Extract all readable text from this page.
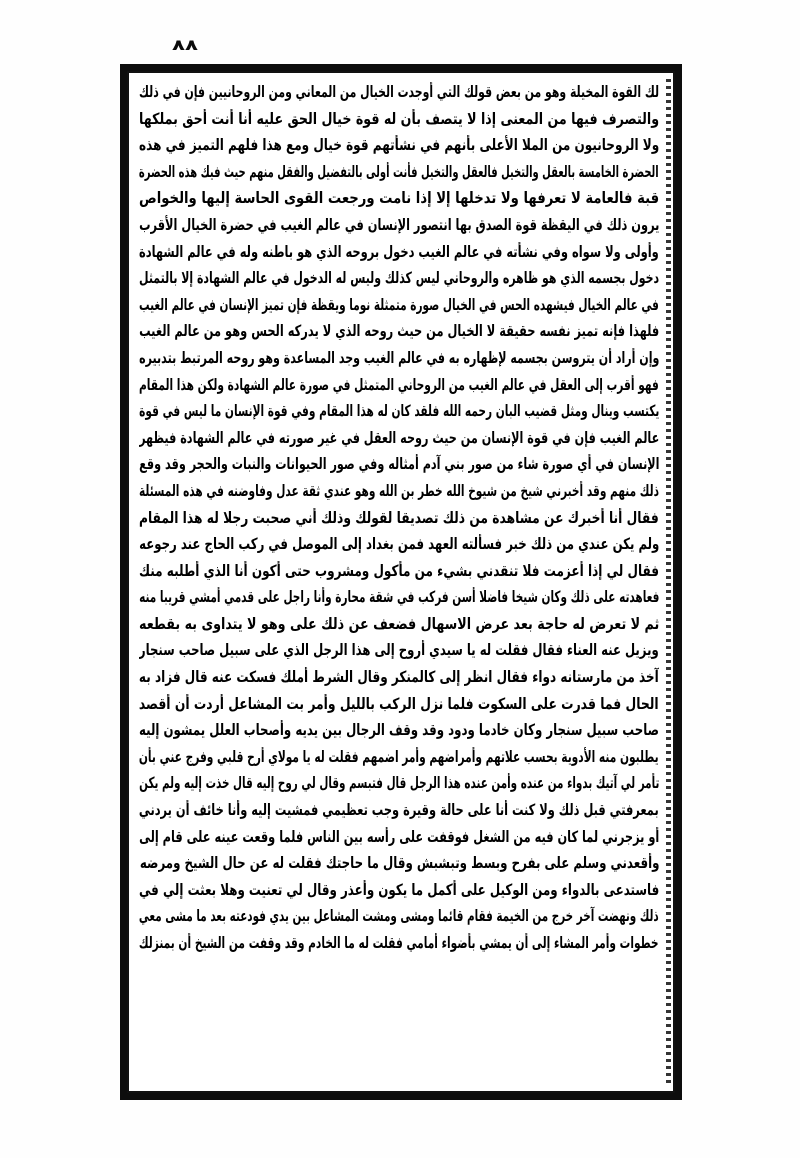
٨٨
لك القوة المخيلة وهو من بعض قولك التي أوجدت الخيال من المعاني ومن الروحانيين فإن في ذلك
والتصرف فيها من المعنى إذا لا يتصف بأن له قوة خيال الحق عليه أنا أنت أحق بملكها
ولا الروحانيون من الملا الأعلى بأنهم في نشأتهم قوة خيال ومع هذا فلهم التميز في هذه
الحضرة الخامسة بالعقل والتخيل فالعقل والتخيل فأنت أولى بالتفضيل والفقل منهم حيث فيك هذه الحضرة
قبة فالعامة لا تعرفها ولا تدخلها إلا إذا نامت ورجعت القوى الحاسة إليها والخواص
يرون ذلك في اليقظة قوة الصدق بها انتصور الإنسان في عالم الغيب في حضرة الخيال الأقرب
وأولى ولا سواه وفي نشأته في عالم الغيب دخول بروحه الذي هو باطنه وله في عالم الشهادة
دخول بجسمه الذي هو ظاهره والروحاني ليس كذلك وليس له الدخول في عالم الشهادة إلا بالتمثل
في عالم الخيال فيشهده الحس في الخيال صورة متمثلة نوما ويقظة فإن تميز الإنسان في عالم الغيب
فلهذا فإنه تميز نفسه حقيقة لا الخيال من حيث روحه الذي لا يدركه الحس وهو من عالم الغيب
وإن أراد أن يتروسن بجسمه لإظهاره به في عالم الغيب وجد المساعدة وهو روحه المرتبط بتدبيره
فهو أقرب إلى العقل في عالم الغيب من الروحاني المتمثل في صورة عالم الشهادة ولكن هذا المقام
يكتسب وينال ومثل قضيب البان رحمه الله فلقد كان له هذا المقام وفي قوة الإنسان ما ليس في قوة
عالم الغيب فإن في قوة الإنسان من حيث روحه العقل في غير صورته في عالم الشهادة فيظهر
الإنسان في أي صورة شاء من صور بني آدم أمثاله وفي صور الحيوانات والنبات والحجر وقد وقع
ذلك منهم وقد أخبرني شيخ من شيوخ الله خطر بن الله وهو عندي ثقة عدل وفاوضنه في هذه المسئلة
فقال أنا أخبرك عن مشاهدة من ذلك تصديقا لقولك وذلك أني صحبت رجلا له هذا المقام
ولم يكن عندي من ذلك خبر فسألته العهد فمن بغداد إلى الموصل في ركب الحاج عند رجوعه
فقال لي إذا أعزمت فلا تنقدني بشيء من مأكول ومشروب حتى أكون أنا الذي أطلبه منك
فعاهدته على ذلك وكان شيخا فاضلا أسن فركب في شقة محارة وأنا راجل على قدمي أمشي قريبا منه
ثم لا تعرض له حاجة بعد عرض الاسهال فضعف عن ذلك على وهو لا يتداوى به بقطعه
ويزيل عنه العناء فقال فقلت له يا سيدي أروح إلى هذا الرجل الذي على سبيل صاحب سنجار
آخذ من مارستانه دواء فقال انظر إلى كالمنكر وقال الشرط أملك فسكت عنه قال فزاد به
الحال فما قدرت على السكوت فلما نزل الركب بالليل وأمر بت المشاعل أردت أن أقصد
صاحب سبيل سنجار وكان خادما ودود وقد وقف الرجال بين يديه وأصحاب العلل يمشون إليه
يطلبون منه الأدوية بحسب علاتهم وأمراضهم وأمر اضمهم فقلت له يا مولاي أرح قلبي وفرج عني بأن
تأمر لي آتيك بدواء من عنده وأمن عنده هذا الرجل قال فتبسم وقال لي روح إليه قال خذت إليه ولم يكن
بمعرفتي قبل ذلك ولا كنت أنا على حالة وقيرة وجب تعظيمي فمشيت إليه وأنا خائف أن يردني
أو يزجرني لما كان فيه من الشغل فوقفت على رأسه بين الناس فلما وقعت عينه على قام إلى
وأقعدني وسلم على بفرح وبسط وتبشبش وقال ما حاجتك فقلت له عن حال الشيخ ومرضه
فاستدعى بالدواء ومن الوكيل على أكمل ما يكون وأعذر وقال لي تعنيت وهلا بعثت إلي في
ذلك ونهضت آخر خرج من الخيمة فقام قائما ومشى ومشت المشاعل بين يدي فودعته بعد ما مشى معي
خطوات وأمر المشاء إلى أن يمشي بأضواء أمامي فقلت له ما الخادم وقد وقفت من الشيخ أن بمنزلك
